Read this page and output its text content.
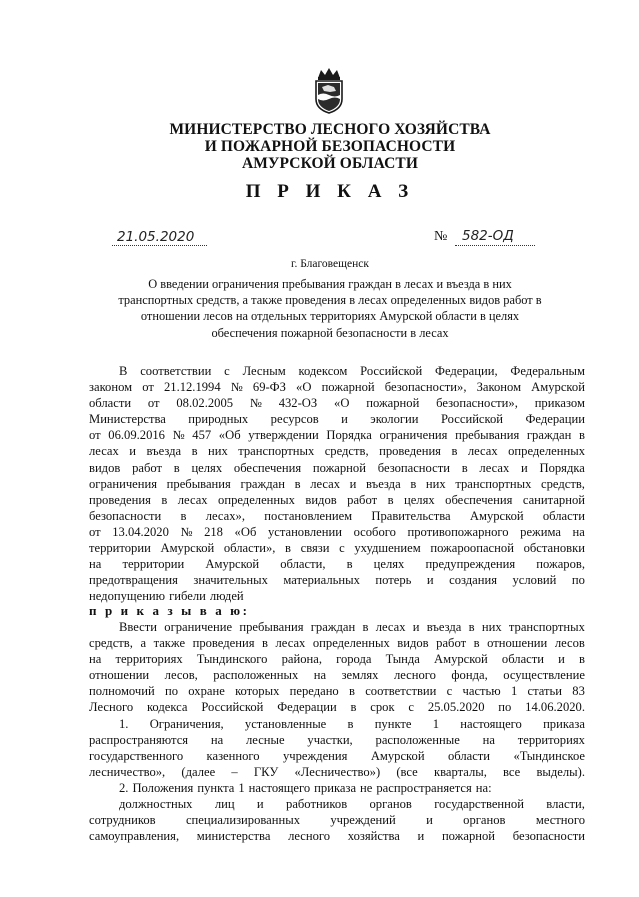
МИНИСТЕРСТВО ЛЕСНОГО ХОЗЯЙСТВА
И ПОЖАРНОЙ БЕЗОПАСНОСТИ
АМУРСКОЙ ОБЛАСТИ
П Р И К А З
21.05.2020	№ 582-ОД
г. Благовещенск
О введении ограничения пребывания граждан в лесах и въезда в них
транспортных средств, а также проведения в лесах определенных видов работ в
отношении лесов на отдельных территориях Амурской области в целях
обеспечения пожарной безопасности в лесах
В соответствии с Лесным кодексом Российской Федерации, Федеральным
законом от 21.12.1994 № 69-ФЗ «О пожарной безопасности», Законом Амурской
области от 08.02.2005 № 432-ОЗ «О пожарной безопасности», приказом
Министерства природных ресурсов и экологии Российской Федерации
от 06.09.2016 № 457 «Об утверждении Порядка ограничения пребывания граждан в
лесах и въезда в них транспортных средств, проведения в лесах определенных
видов работ в целях обеспечения пожарной безопасности в лесах и Порядка
ограничения пребывания граждан в лесах и въезда в них транспортных средств,
проведения в лесах определенных видов работ в целях обеспечения санитарной
безопасности в лесах», постановлением Правительства Амурской области
от 13.04.2020 № 218 «Об установлении особого противопожарного режима на
территории Амурской области», в связи с ухудшением пожароопасной обстановки
на территории Амурской области, в целях предупреждения пожаров,
предотвращения значительных материальных потерь и создания условий по
недопущению гибели людей
п р и к а з ы в а ю:
Ввести ограничение пребывания граждан в лесах и въезда в них транспортных
средств, а также проведения в лесах определенных видов работ в отношении лесов
на территориях Тындинского района, города Тында Амурской области и в
отношении лесов, расположенных на землях лесного фонда, осуществление
полномочий по охране которых передано в соответствии с частью 1 статьи 83
Лесного кодекса Российской Федерации в срок с 25.05.2020 по 14.06.2020.
1. Ограничения, установленные в пункте 1 настоящего приказа
распространяются на лесные участки, расположенные на территориях
государственного казенного учреждения Амурской области «Тындинское
лесничество», (далее – ГКУ «Лесничество») (все кварталы, все выделы).
2. Положения пункта 1 настоящего приказа не распространяется на:
должностных лиц и работников органов государственной власти,
сотрудников специализированных учреждений и органов местного
самоуправления, министерства лесного хозяйства и пожарной безопасности
